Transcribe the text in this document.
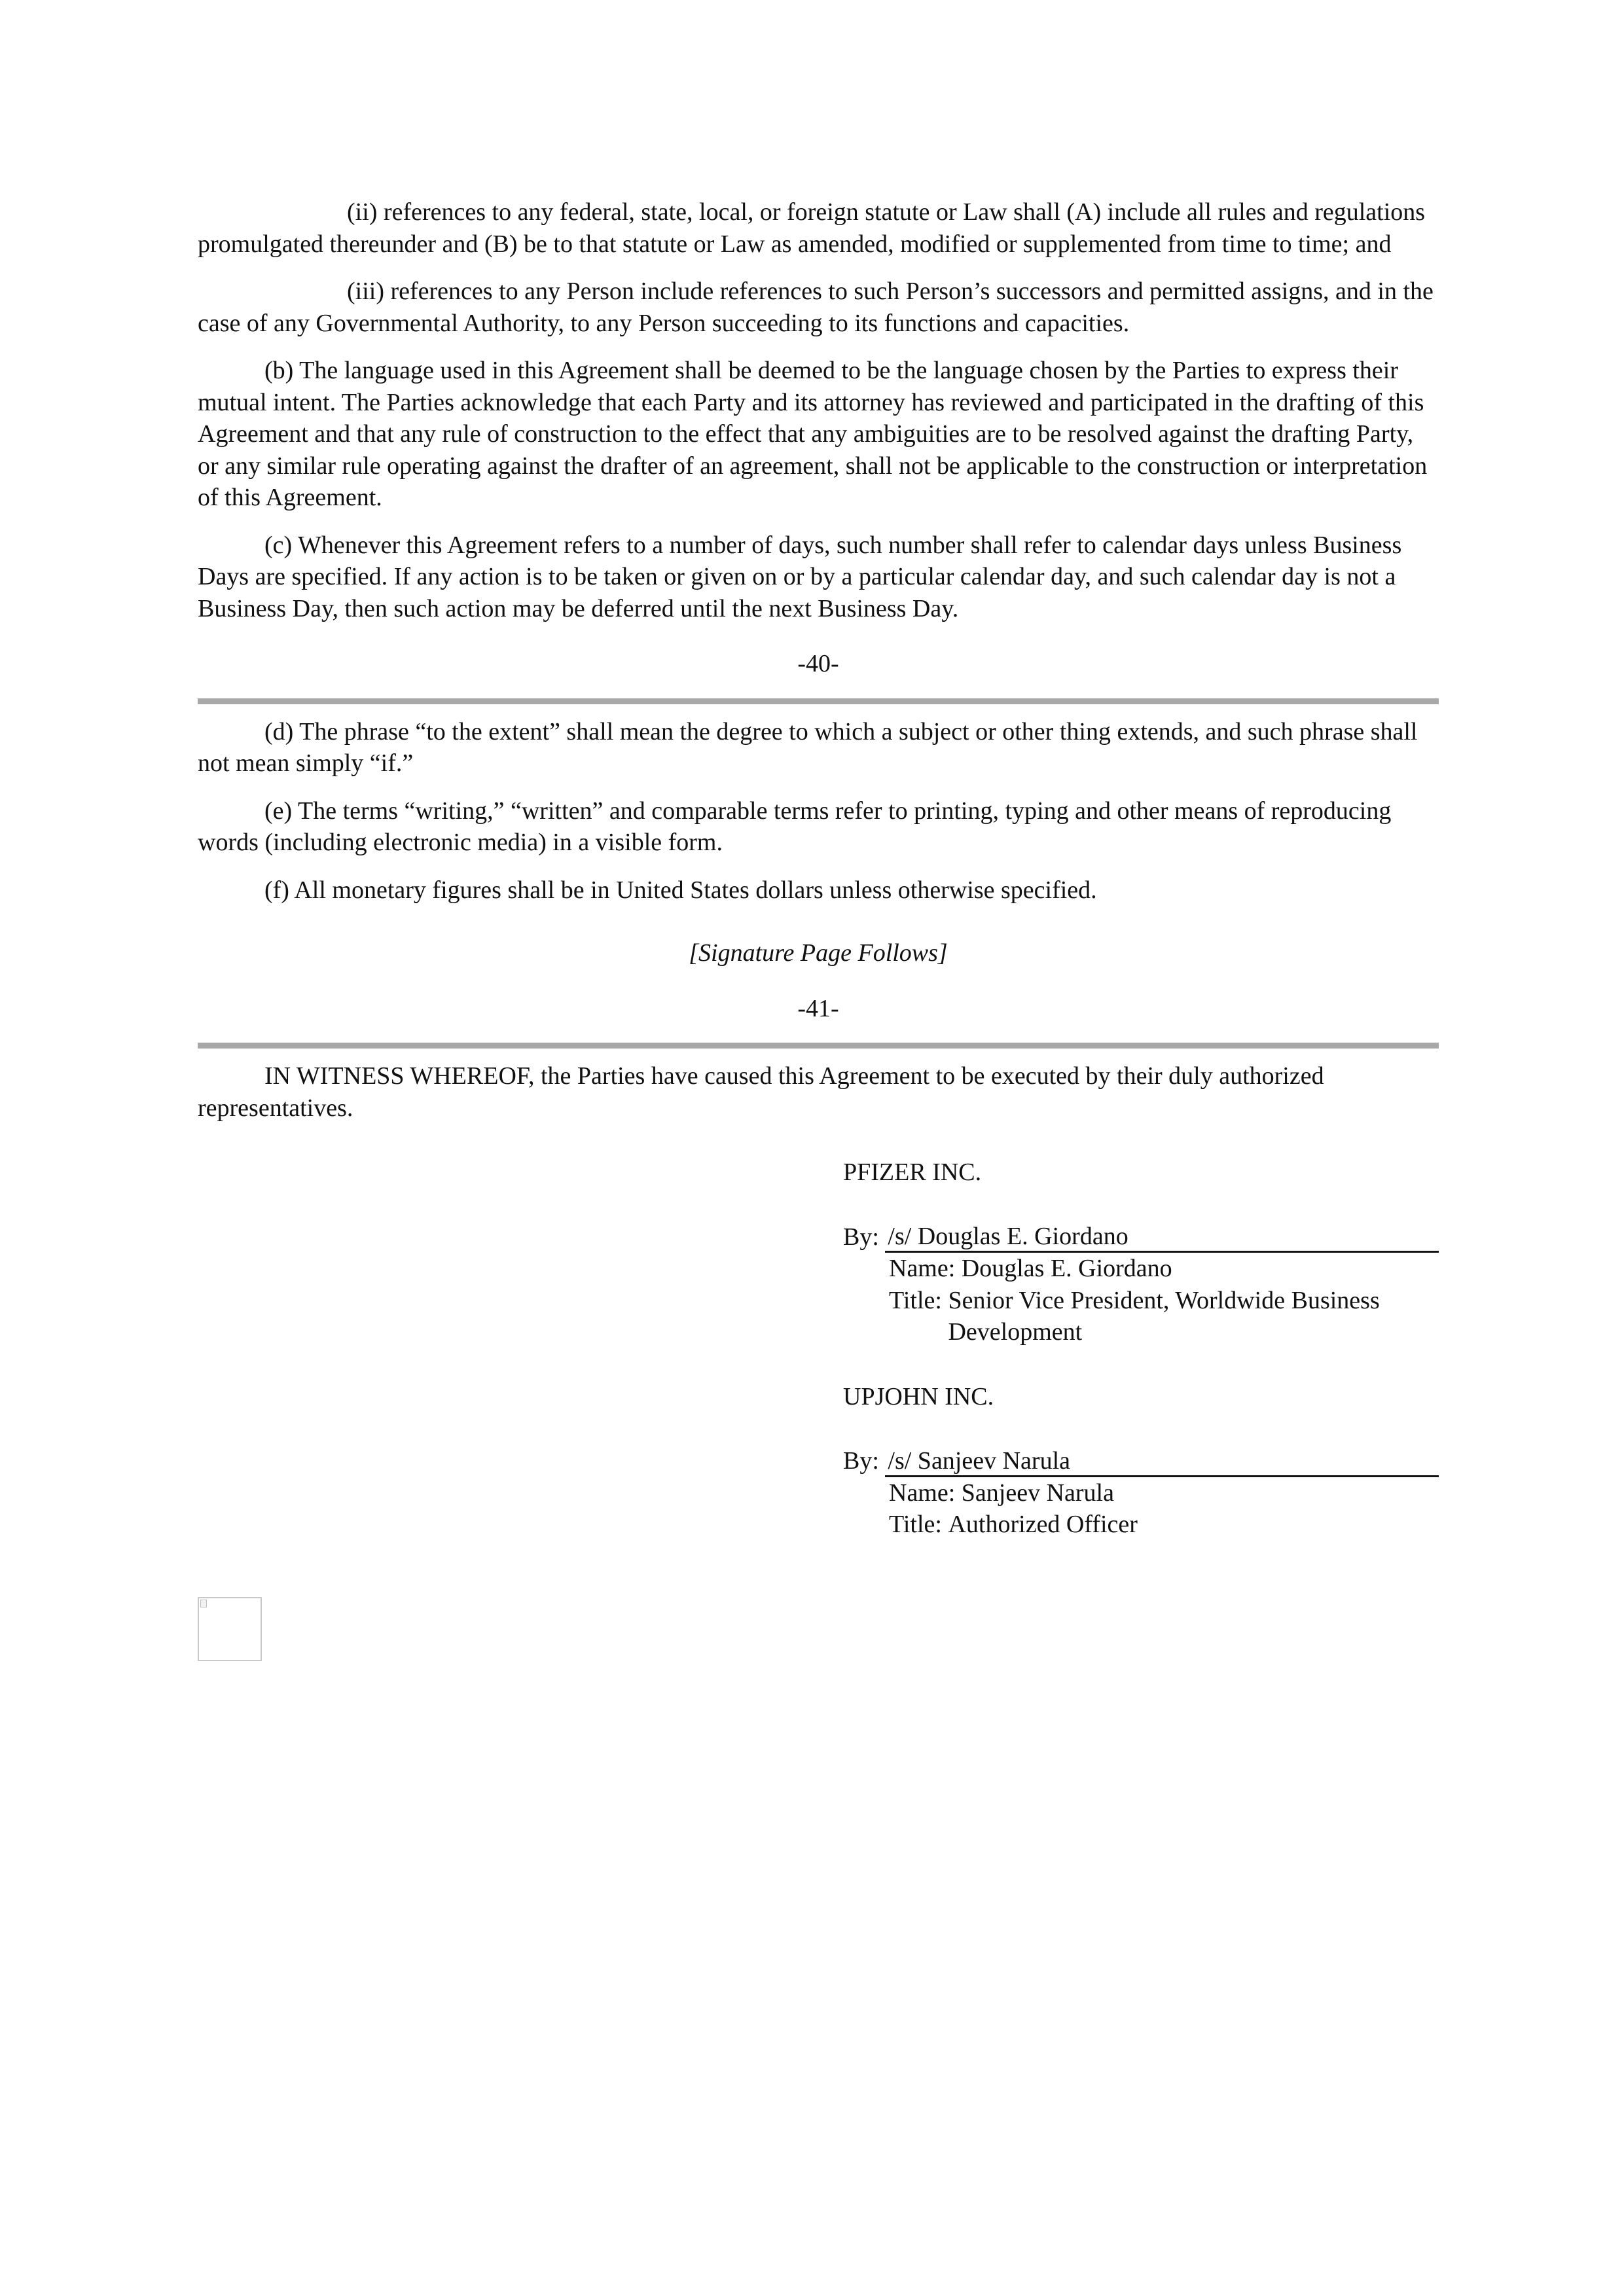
(ii) references to any federal, state, local, or foreign statute or Law shall (A) include all rules and regulations promulgated thereunder and (B) be to that statute or Law as amended, modified or supplemented from time to time; and

(iii) references to any Person include references to such Person’s successors and permitted assigns, and in the case of any Governmental Authority, to any Person succeeding to its functions and capacities.

(b) The language used in this Agreement shall be deemed to be the language chosen by the Parties to express their mutual intent. The Parties acknowledge that each Party and its attorney has reviewed and participated in the drafting of this Agreement and that any rule of construction to the effect that any ambiguities are to be resolved against the drafting Party, or any similar rule operating against the drafter of an agreement, shall not be applicable to the construction or interpretation of this Agreement.

(c) Whenever this Agreement refers to a number of days, such number shall refer to calendar days unless Business Days are specified. If any action is to be taken or given on or by a particular calendar day, and such calendar day is not a Business Day, then such action may be deferred until the next Business Day.

-40-

(d) The phrase “to the extent” shall mean the degree to which a subject or other thing extends, and such phrase shall not mean simply “if.”

(e) The terms “writing,” “written” and comparable terms refer to printing, typing and other means of reproducing words (including electronic media) in a visible form.

(f) All monetary figures shall be in United States dollars unless otherwise specified.

[Signature Page Follows]

-41-

IN WITNESS WHEREOF, the Parties have caused this Agreement to be executed by their duly authorized representatives.

PFIZER INC.

By: /s/ Douglas E. Giordano

Name: Douglas E. Giordano

Title: Senior Vice President, Worldwide Business Development

UPJOHN INC.

By: /s/ Sanjeev Narula

Name: Sanjeev Narula

Title: Authorized Officer
